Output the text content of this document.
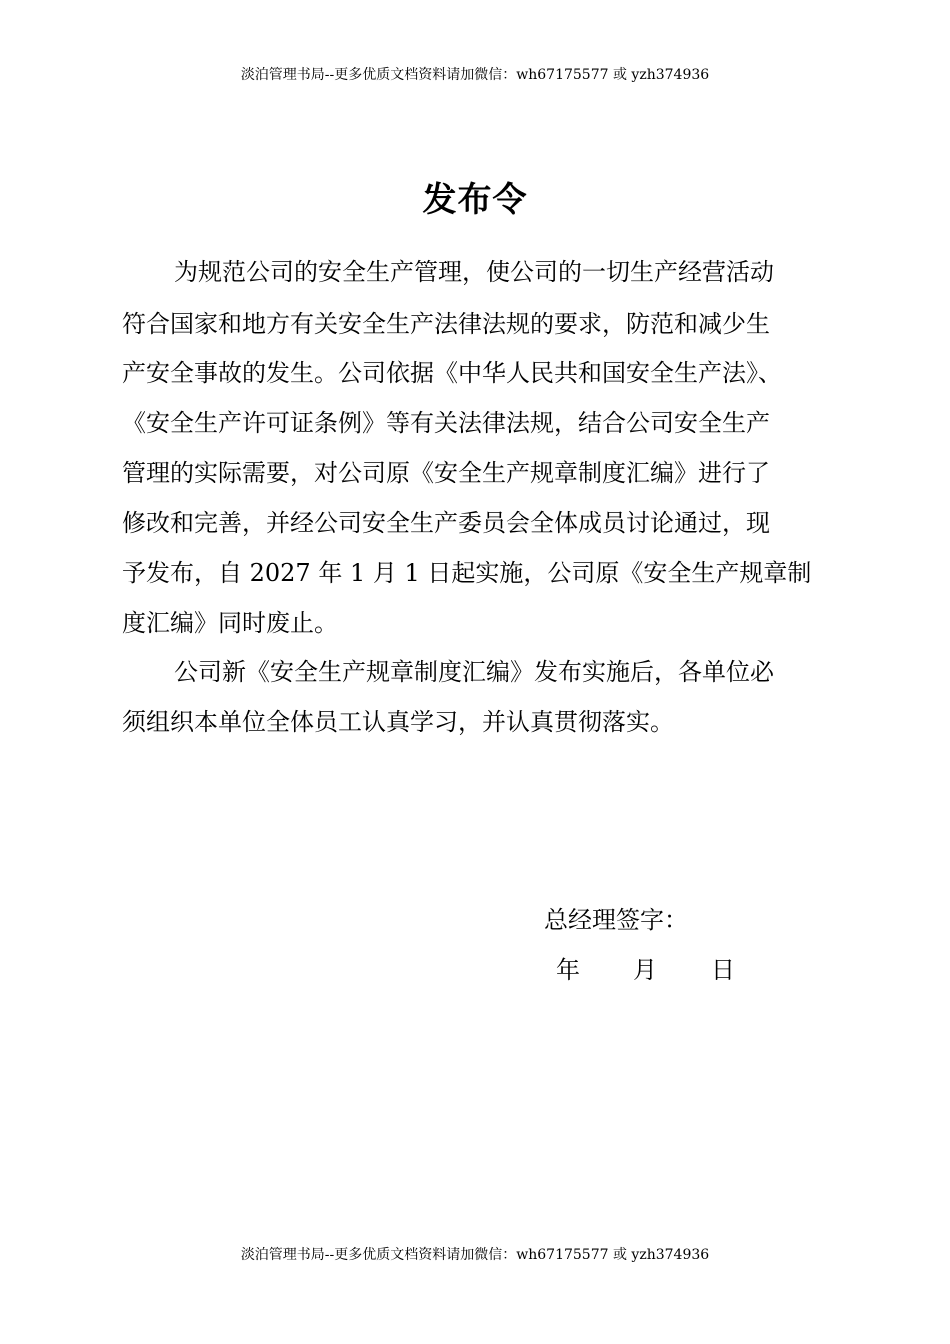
淡泊管理书局--更多优质文档资料请加微信：wh67175577 或 yzh374936
发布令
为规范公司的安全生产管理，使公司的一切生产经营活动
符合国家和地方有关安全生产法律法规的要求，防范和减少生
产安全事故的发生。公司依据《中华人民共和国安全生产法》、
《安全生产许可证条例》等有关法律法规，结合公司安全生产
管理的实际需要，对公司原《安全生产规章制度汇编》进行了
修改和完善，并经公司安全生产委员会全体成员讨论通过，现
予发布，自 2027 年 1 月 1 日起实施，公司原《安全生产规章制
度汇编》同时废止。
公司新《安全生产规章制度汇编》发布实施后，各单位必
须组织本单位全体员工认真学习，并认真贯彻落实。
总经理签字：
年 月 日
淡泊管理书局--更多优质文档资料请加微信：wh67175577 或 yzh374936
